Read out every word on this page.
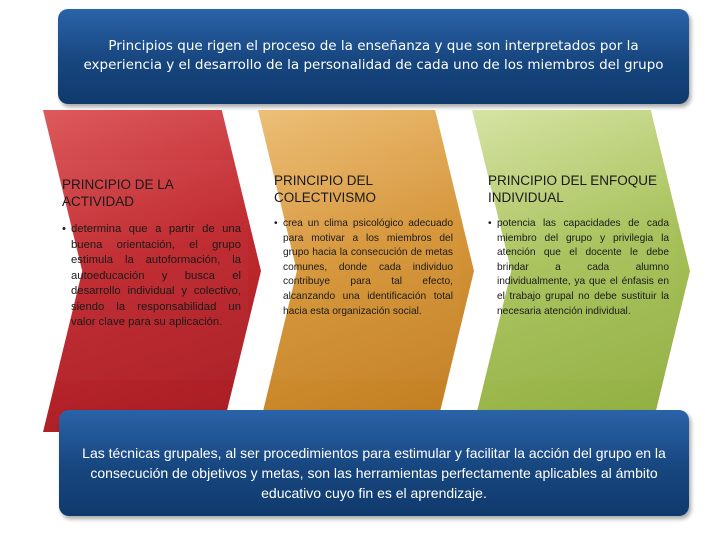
Principios que rigen el proceso de la enseñanza y que son interpretados por la experiencia y el desarrollo de la personalidad de cada uno de los miembros del grupo
PRINCIPIO DE LA ACTIVIDAD
• determina que a partir de una buena orientación, el grupo estimula la autoformación, la autoeducación y busca el desarrollo individual y colectivo, siendo la responsabilidad un valor clave para su aplicación.
PRINCIPIO DEL COLECTIVISMO
• crea un clima psicológico adecuado para motivar a los miembros del grupo hacia la consecución de metas comunes, donde cada individuo contribuye para tal efecto, alcanzando una identificación total hacia esta organización social.
PRINCIPIO DEL ENFOQUE INDIVIDUAL
• potencia las capacidades de cada miembro del grupo y privilegia la atención que el docente le debe brindar a cada alumno individualmente, ya que el énfasis en el trabajo grupal no debe sustituir la necesaria atención individual.
Las técnicas grupales, al ser procedimientos para estimular y facilitar la acción del grupo en la consecución de objetivos y metas, son las herramientas perfectamente aplicables al ámbito educativo cuyo fin es el aprendizaje.
